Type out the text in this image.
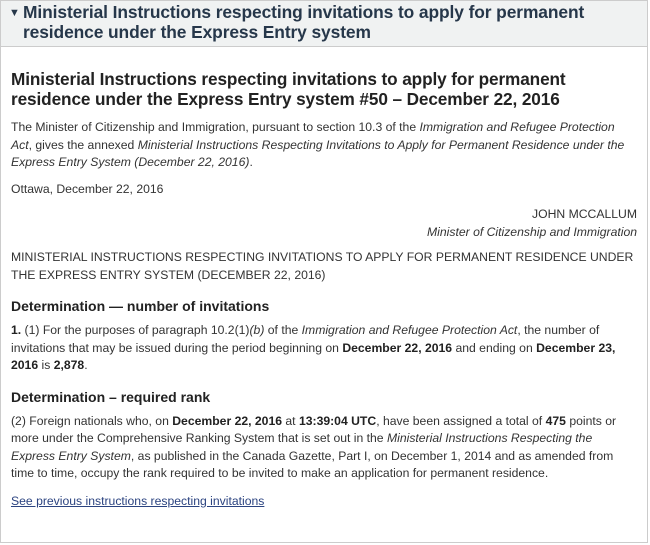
▼ Ministerial Instructions respecting invitations to apply for permanent residence under the Express Entry system
Ministerial Instructions respecting invitations to apply for permanent residence under the Express Entry system #50 – December 22, 2016

The Minister of Citizenship and Immigration, pursuant to section 10.3 of the Immigration and Refugee Protection Act, gives the annexed Ministerial Instructions Respecting Invitations to Apply for Permanent Residence under the Express Entry System (December 22, 2016).

Ottawa, December 22, 2016

JOHN MCCALLUM

Minister of Citizenship and Immigration

MINISTERIAL INSTRUCTIONS RESPECTING INVITATIONS TO APPLY FOR PERMANENT RESIDENCE UNDER THE EXPRESS ENTRY SYSTEM (DECEMBER 22, 2016)

Determination — number of invitations

1. (1) For the purposes of paragraph 10.2(1)(b) of the Immigration and Refugee Protection Act, the number of invitations that may be issued during the period beginning on December 22, 2016 and ending on December 23, 2016 is 2,878.

Determination – required rank

(2) Foreign nationals who, on December 22, 2016 at 13:39:04 UTC, have been assigned a total of 475 points or more under the Comprehensive Ranking System that is set out in the Ministerial Instructions Respecting the Express Entry System, as published in the Canada Gazette, Part I, on December 1, 2014 and as amended from time to time, occupy the rank required to be invited to make an application for permanent residence.

See previous instructions respecting invitations
